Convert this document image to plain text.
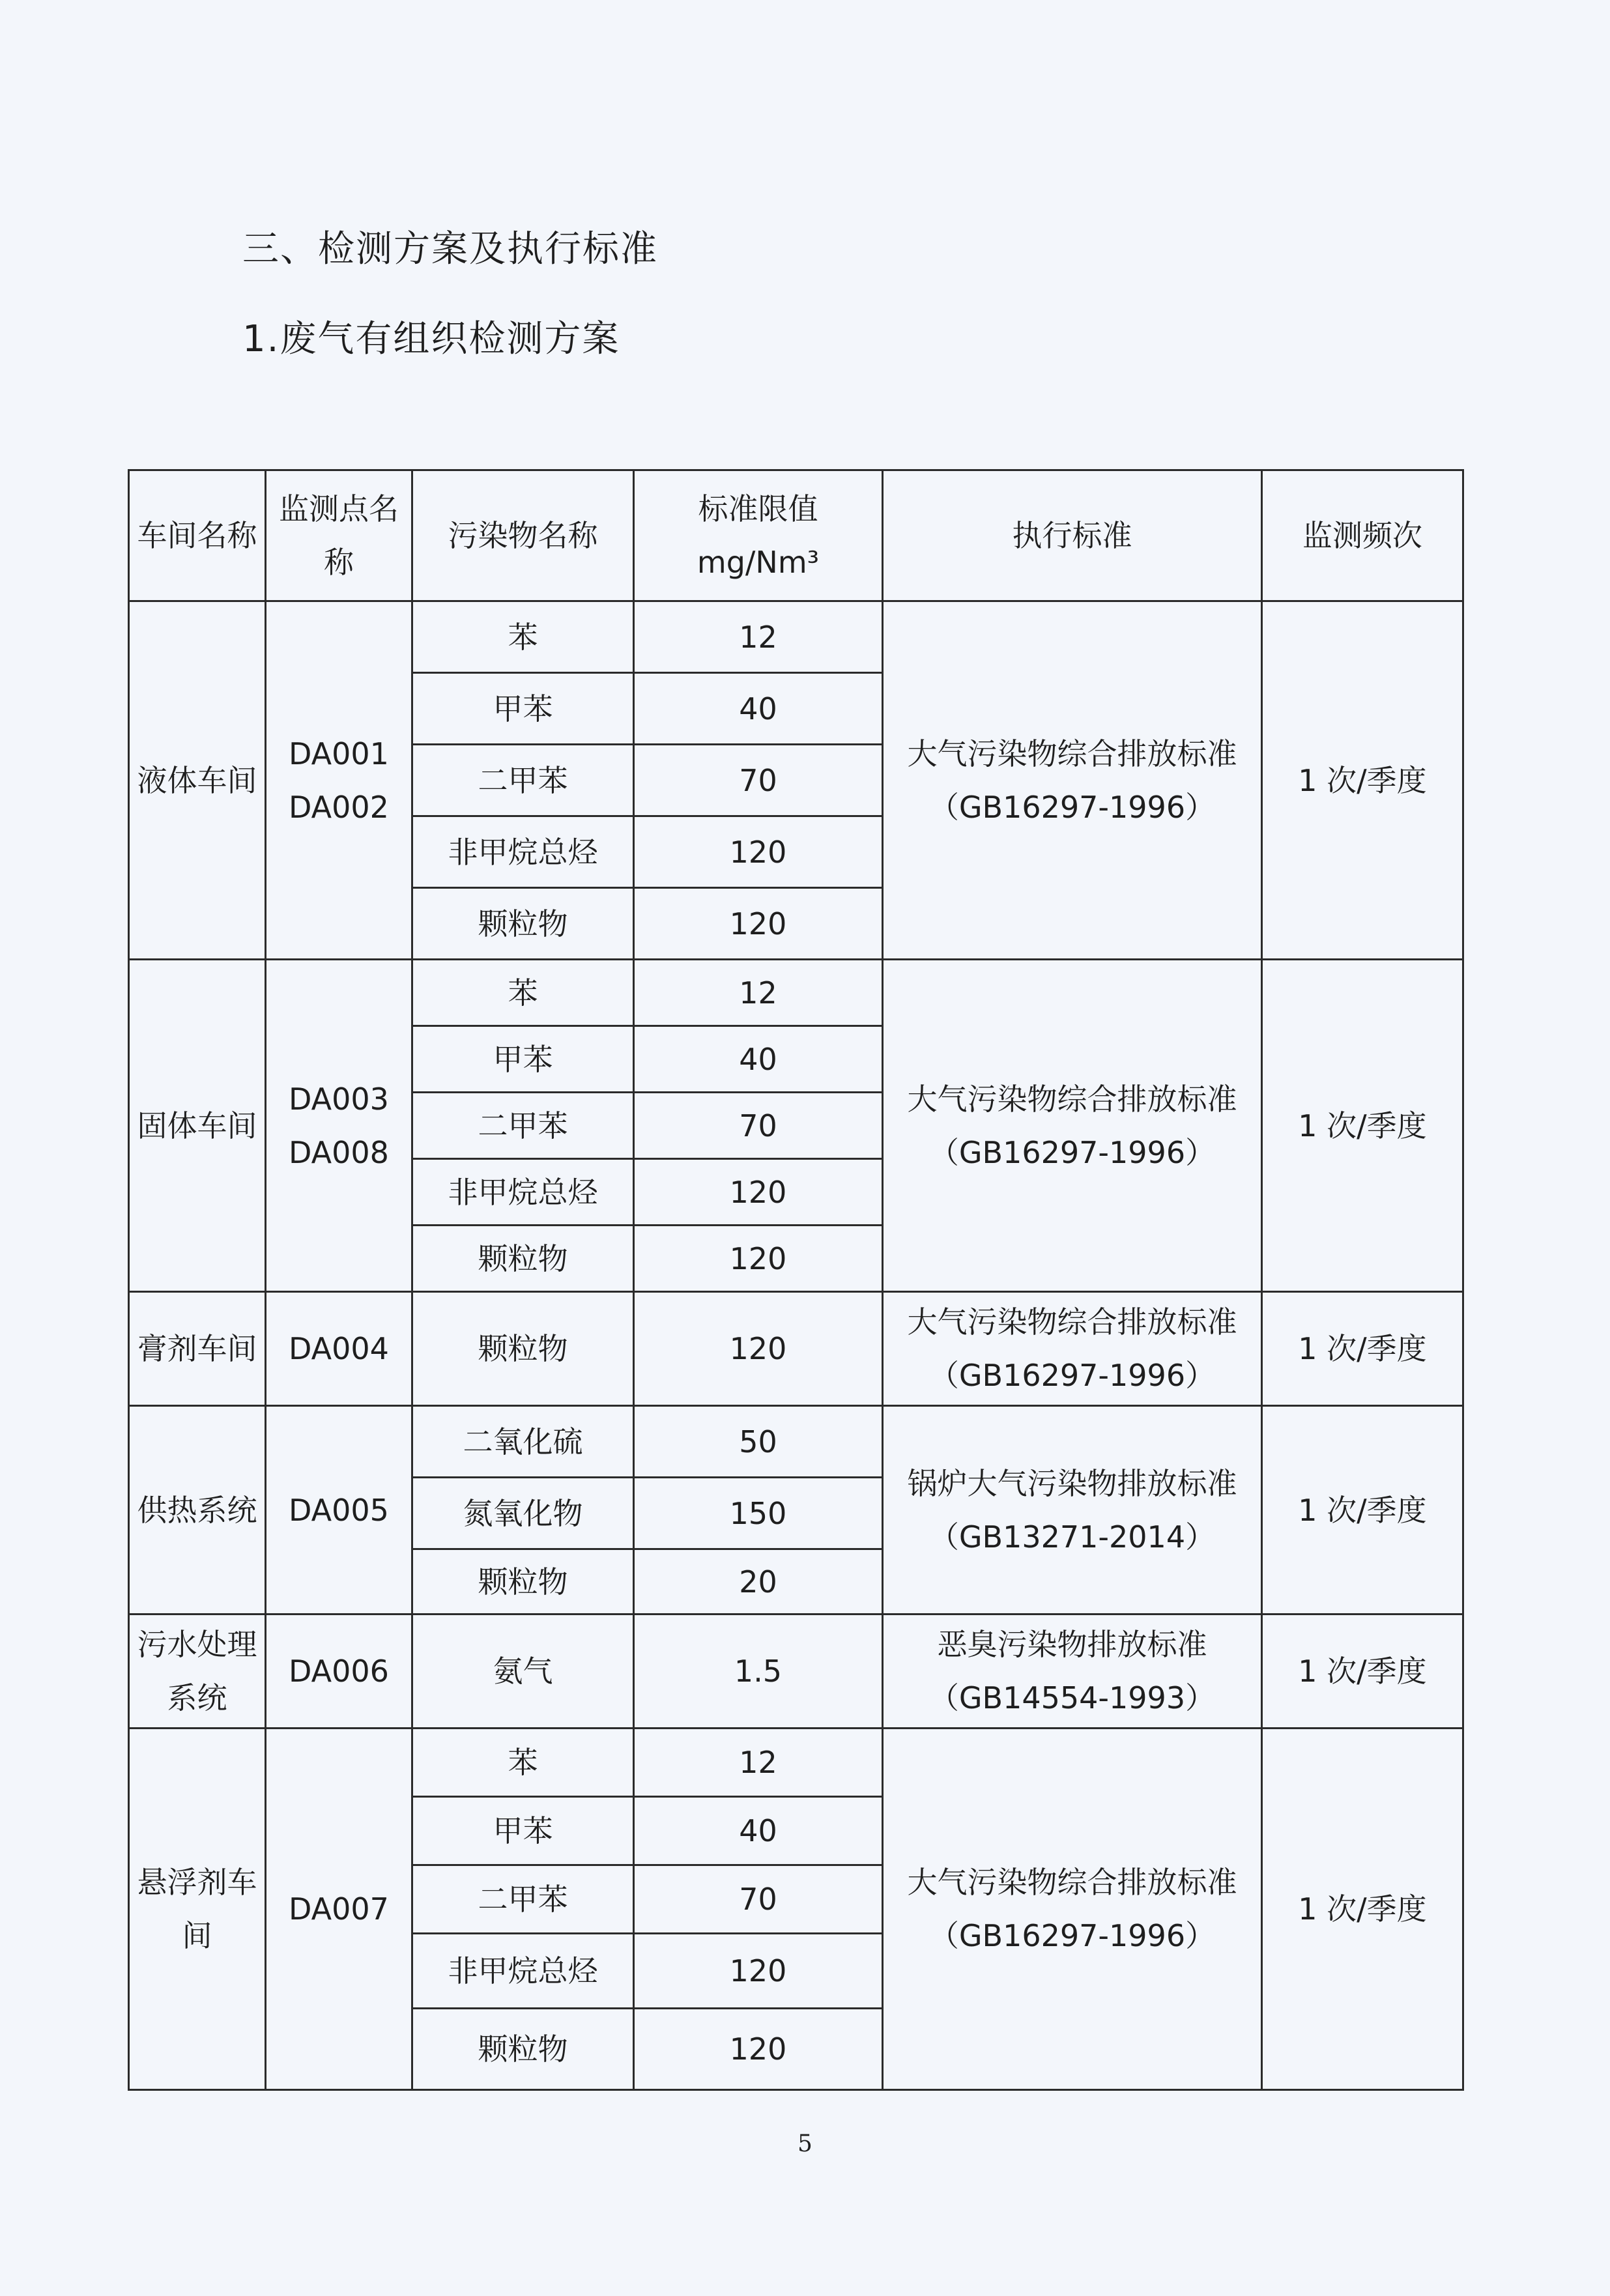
三、检测方案及执行标准
1.废气有组织检测方案
车间名称	监测点名称	污染物名称	标准限值 mg/Nm³	执行标准	监测频次
液体车间	DA001 DA002	苯	12	大气污染物综合排放标准（GB16297-1996）	1 次/季度
		甲苯	40		
		二甲苯	70		
		非甲烷总烃	120		
		颗粒物	120		
固体车间	DA003 DA008	苯	12	大气污染物综合排放标准（GB16297-1996）	1 次/季度
		甲苯	40		
		二甲苯	70		
		非甲烷总烃	120		
		颗粒物	120		
膏剂车间	DA004	颗粒物	120	大气污染物综合排放标准（GB16297-1996）	1 次/季度
供热系统	DA005	二氧化硫	50	锅炉大气污染物排放标准（GB13271-2014）	1 次/季度
		氮氧化物	150		
		颗粒物	20		
污水处理系统	DA006	氨气	1.5	恶臭污染物排放标准（GB14554-1993）	1 次/季度
悬浮剂车间	DA007	苯	12	大气污染物综合排放标准（GB16297-1996）	1 次/季度
		甲苯	40		
		二甲苯	70		
		非甲烷总烃	120		
		颗粒物	120		
5
